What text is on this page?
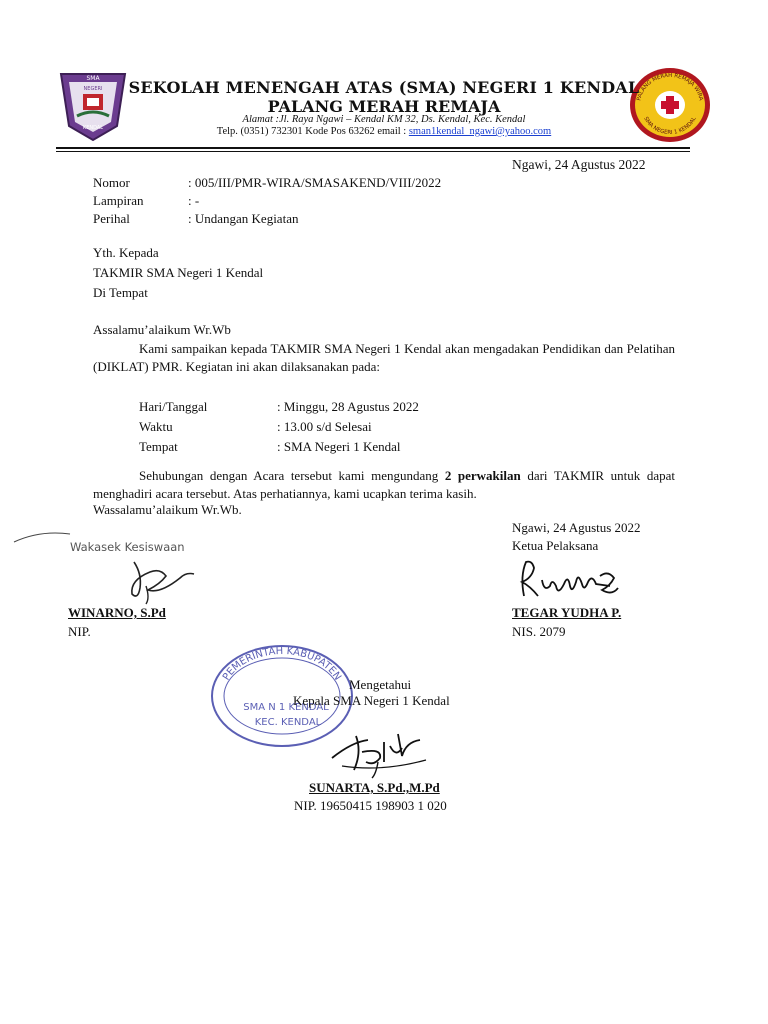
SMA
NEGERI
KENDAL
PALANG MERAH REMAJA WIRA
SMA NEGERI 1 KENDAL
SEKOLAH MENENGAH ATAS (SMA) NEGERI 1 KENDAL
PALANG MERAH REMAJA
Alamat :Jl. Raya Ngawi – Kendal KM 32, Ds. Kendal, Kec. Kendal
Telp. (0351) 732301 Kode Pos 63262 email : sman1kendal_ngawi@yahoo.com
Ngawi, 24 Agustus 2022
Nomor	: 005/III/PMR-WIRA/SMASAKEND/VIII/2022
Lampiran	: -
Perihal	: Undangan Kegiatan
Yth. Kepada
TAKMIR SMA Negeri 1 Kendal
Di Tempat
Assalamu’alaikum Wr.Wb
Kami sampaikan kepada TAKMIR SMA Negeri 1 Kendal akan mengadakan Pendidikan dan Pelatihan (DIKLAT) PMR. Kegiatan ini akan dilaksanakan pada:
Hari/Tanggal	: Minggu, 28 Agustus 2022
Waktu	: 13.00 s/d Selesai
Tempat	: SMA Negeri 1 Kendal
Sehubungan dengan Acara tersebut kami mengundang 2 perwakilan dari TAKMIR untuk dapat menghadiri acara tersebut. Atas perhatiannya, kami ucapkan terima kasih.
Wassalamu’alaikum Wr.Wb.
Wakasek Kesiswaan
WINARNO, S.Pd
NIP.
Ngawi, 24 Agustus 2022
Ketua Pelaksana
TEGAR YUDHA P.
NIS. 2079
PEMERINTAH KABUPATEN
SMA N 1 KENDAL
KEC. KENDAL
Mengetahui
Kepala SMA Negeri 1 Kendal
SUNARTA, S.Pd.,M.Pd
NIP. 19650415 198903 1 020
